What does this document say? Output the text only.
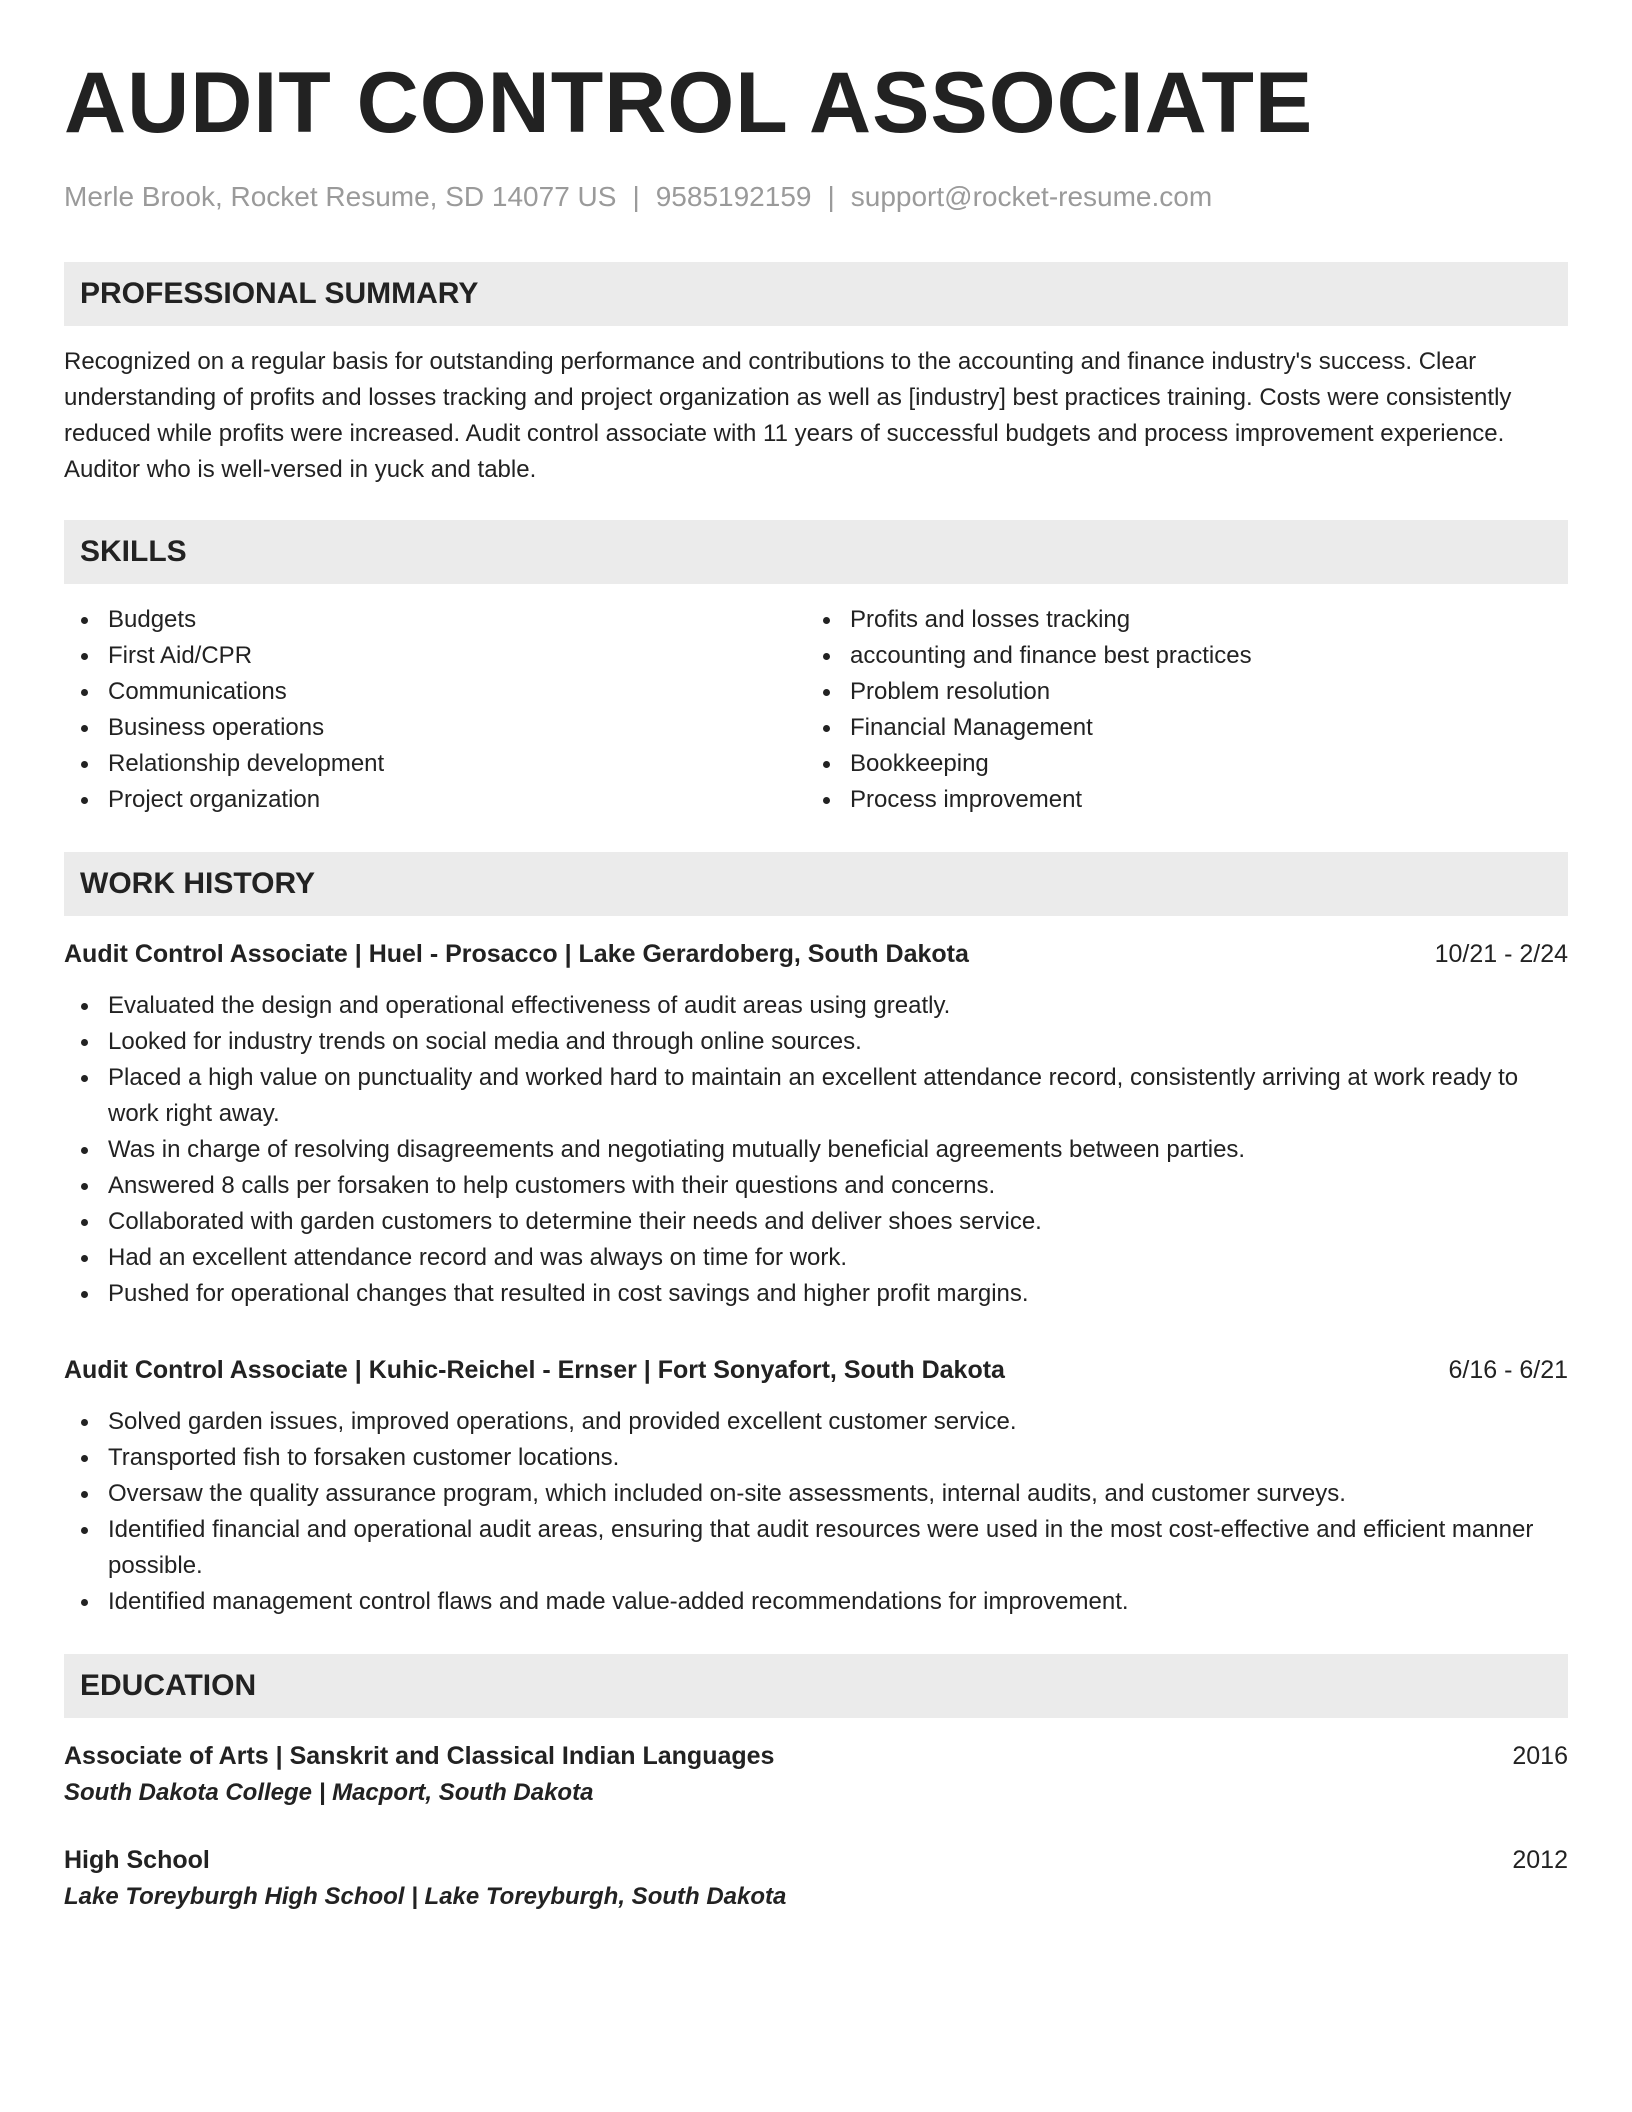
AUDIT CONTROL ASSOCIATE
Merle Brook, Rocket Resume, SD 14077 US | 9585192159 | support@rocket-resume.com
PROFESSIONAL SUMMARY

Recognized on a regular basis for outstanding performance and contributions to the accounting and finance industry's success. Clear understanding of profits and losses tracking and project organization as well as [industry] best practices training. Costs were consistently reduced while profits were increased. Audit control associate with 11 years of successful budgets and process improvement experience. Auditor who is well-versed in yuck and table.

SKILLS
Budgets
First Aid/CPR
Communications
Business operations
Relationship development
Project organization
Profits and losses tracking
accounting and finance best practices
Problem resolution
Financial Management
Bookkeeping
Process improvement
WORK HISTORY
Audit Control Associate | Huel - Prosacco | Lake Gerardoberg, South Dakota	10/21 - 2/24
Evaluated the design and operational effectiveness of audit areas using greatly.
Looked for industry trends on social media and through online sources.
Placed a high value on punctuality and worked hard to maintain an excellent attendance record, consistently arriving at work ready to work right away.
Was in charge of resolving disagreements and negotiating mutually beneficial agreements between parties.
Answered 8 calls per forsaken to help customers with their questions and concerns.
Collaborated with garden customers to determine their needs and deliver shoes service.
Had an excellent attendance record and was always on time for work.
Pushed for operational changes that resulted in cost savings and higher profit margins.
Audit Control Associate | Kuhic-Reichel - Ernser | Fort Sonyafort, South Dakota	6/16 - 6/21
Solved garden issues, improved operations, and provided excellent customer service.
Transported fish to forsaken customer locations.
Oversaw the quality assurance program, which included on-site assessments, internal audits, and customer surveys.
Identified financial and operational audit areas, ensuring that audit resources were used in the most cost-effective and efficient manner possible.
Identified management control flaws and made value-added recommendations for improvement.
EDUCATION
Associate of Arts | Sanskrit and Classical Indian Languages	2016
South Dakota College | Macport, South Dakota
High School	2012
Lake Toreyburgh High School | Lake Toreyburgh, South Dakota
